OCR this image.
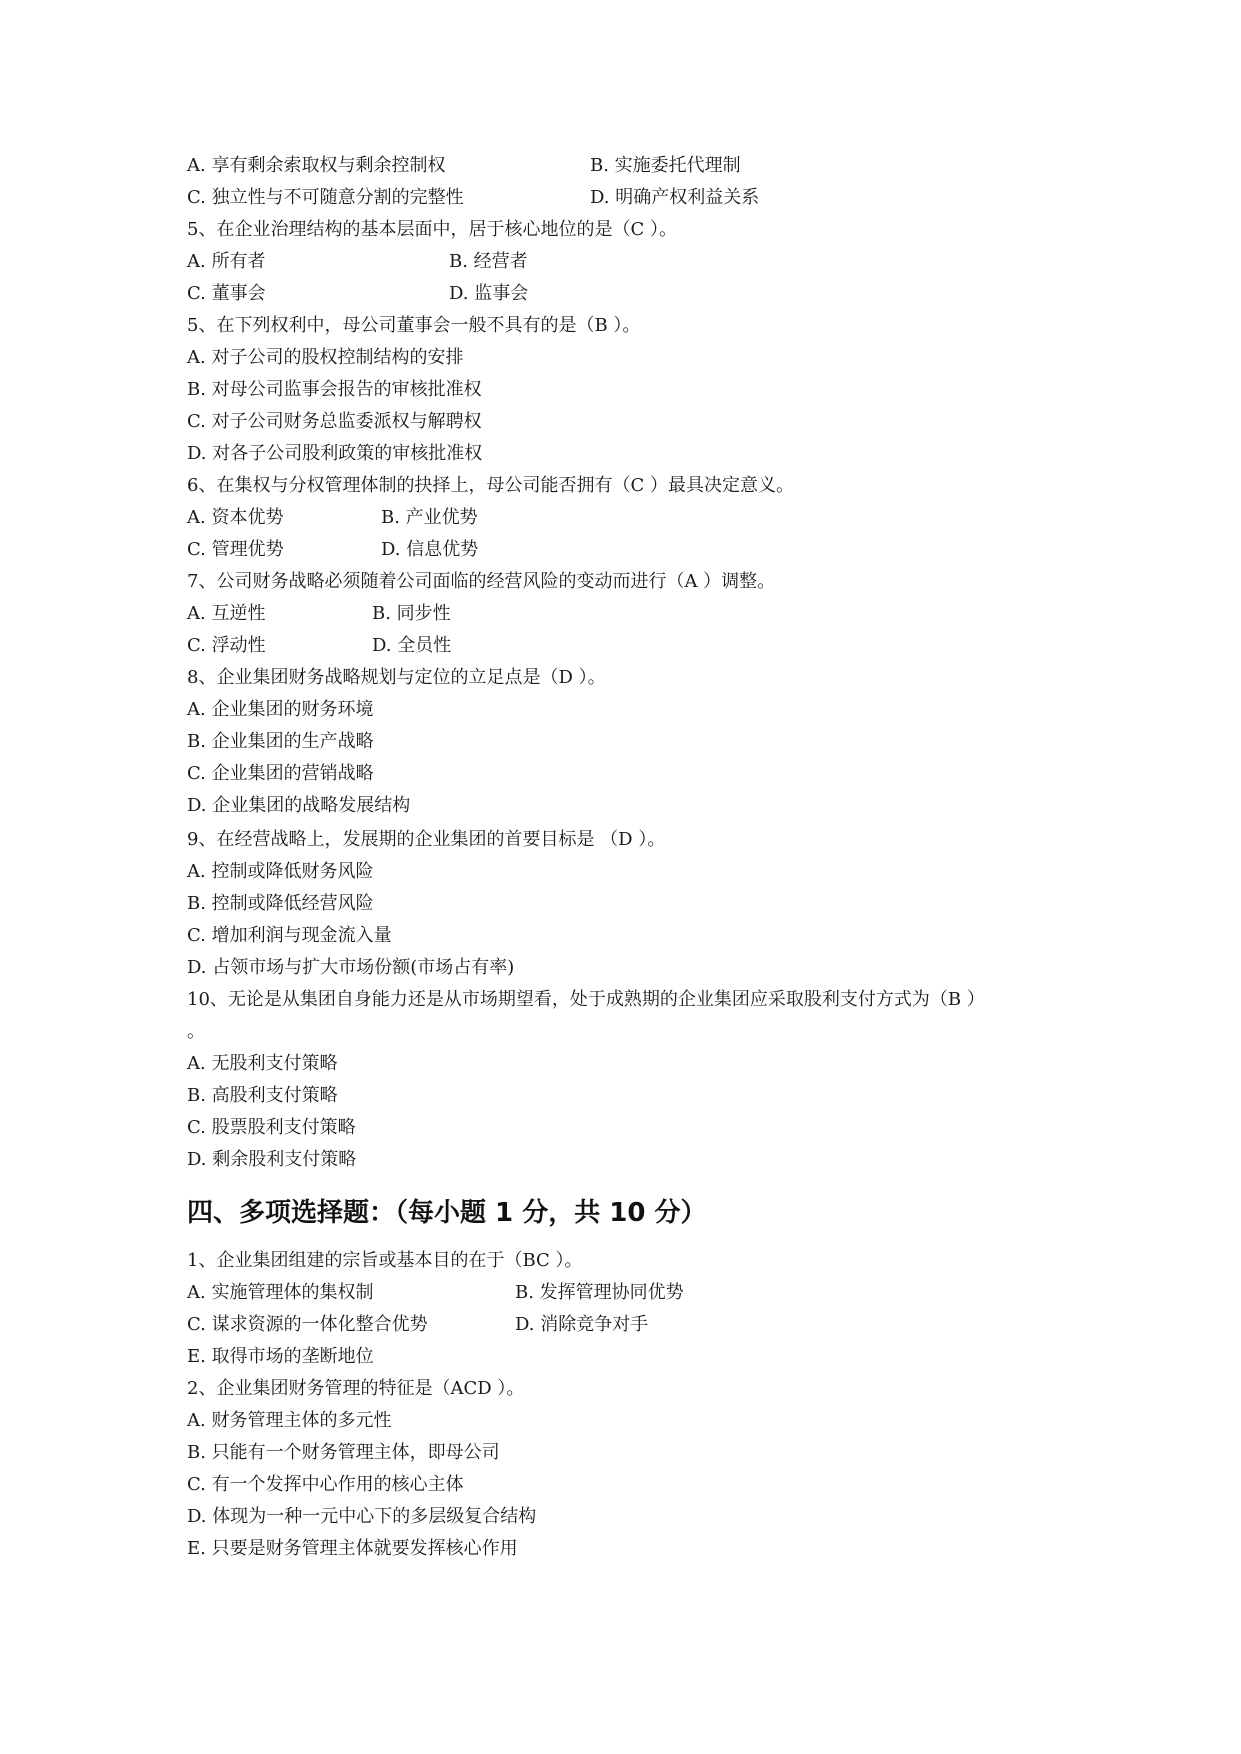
A. 享有剩余索取权与剩余控制权	B. 实施委托代理制
C. 独立性与不可随意分割的完整性	D. 明确产权利益关系
5、在企业治理结构的基本层面中，居于核心地位的是（C ）。
A. 所有者	B. 经营者
C. 董事会	D. 监事会
5、在下列权利中，母公司董事会一般不具有的是（B ）。
A. 对子公司的股权控制结构的安排
B. 对母公司监事会报告的审核批准权
C. 对子公司财务总监委派权与解聘权
D. 对各子公司股利政策的审核批准权
6、在集权与分权管理体制的抉择上，母公司能否拥有（C ）最具决定意义。
A. 资本优势	B. 产业优势
C. 管理优势	D. 信息优势
7、公司财务战略必须随着公司面临的经营风险的变动而进行（A ）调整。
A. 互逆性	B. 同步性
C. 浮动性	D. 全员性
8、企业集团财务战略规划与定位的立足点是（D ）。
A. 企业集团的财务环境
B. 企业集团的生产战略
C. 企业集团的营销战略
D. 企业集团的战略发展结构
9、在经营战略上，发展期的企业集团的首要目标是 （D ）。
A. 控制或降低财务风险
B. 控制或降低经营风险
C. 增加利润与现金流入量
D. 占领市场与扩大市场份额(市场占有率)
10、无论是从集团自身能力还是从市场期望看，处于成熟期的企业集团应采取股利支付方式为（B ）
。
A. 无股利支付策略
B. 高股利支付策略
C. 股票股利支付策略
D. 剩余股利支付策略
四、多项选择题：（每小题 1 分，共 10 分）
1、企业集团组建的宗旨或基本目的在于（BC ）。
A. 实施管理体的集权制	B. 发挥管理协同优势
C. 谋求资源的一体化整合优势	D. 消除竞争对手
E. 取得市场的垄断地位
2、企业集团财务管理的特征是（ACD ）。
A. 财务管理主体的多元性
B. 只能有一个财务管理主体，即母公司
C. 有一个发挥中心作用的核心主体
D. 体现为一种一元中心下的多层级复合结构
E. 只要是财务管理主体就要发挥核心作用
